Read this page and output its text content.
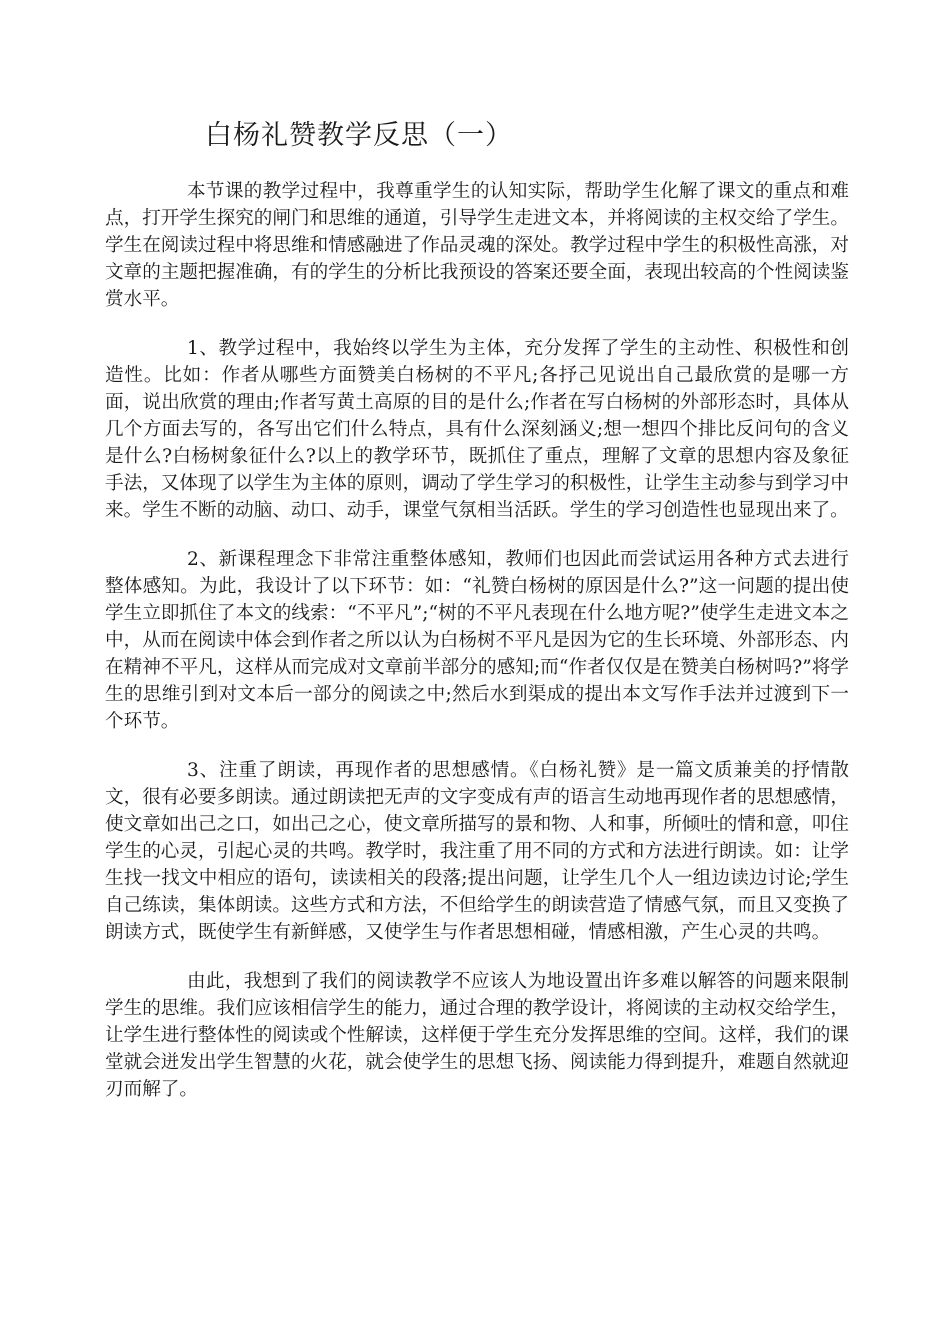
白杨礼赞教学反思（一）

本节课的教学过程中，我尊重学生的认知实际，帮助学生化解了课文的重点和难点，打开学生探究的闸门和思维的通道，引导学生走进文本，并将阅读的主权交给了学生。学生在阅读过程中将思维和情感融进了作品灵魂的深处。教学过程中学生的积极性高涨，对文章的主题把握准确，有的学生的分析比我预设的答案还要全面，表现出较高的个性阅读鉴赏水平。

1、教学过程中，我始终以学生为主体，充分发挥了学生的主动性、积极性和创造性。比如：作者从哪些方面赞美白杨树的不平凡;各抒己见说出自己最欣赏的是哪一方面，说出欣赏的理由;作者写黄土高原的目的是什么;作者在写白杨树的外部形态时，具体从几个方面去写的，各写出它们什么特点，具有什么深刻涵义;想一想四个排比反问句的含义是什么?白杨树象征什么?以上的教学环节，既抓住了重点，理解了文章的思想内容及象征手法，又体现了以学生为主体的原则，调动了学生学习的积极性，让学生主动参与到学习中来。学生不断的动脑、动口、动手，课堂气氛相当活跃。学生的学习创造性也显现出来了。

2、新课程理念下非常注重整体感知，教师们也因此而尝试运用各种方式去进行整体感知。为此，我设计了以下环节：如：“礼赞白杨树的原因是什么?”这一问题的提出使学生立即抓住了本文的线索：“不平凡”;“树的不平凡表现在什么地方呢?”使学生走进文本之中，从而在阅读中体会到作者之所以认为白杨树不平凡是因为它的生长环境、外部形态、内在精神不平凡，这样从而完成对文章前半部分的感知;而“作者仅仅是在赞美白杨树吗?”将学生的思维引到对文本后一部分的阅读之中;然后水到渠成的提出本文写作手法并过渡到下一个环节。

3、注重了朗读，再现作者的思想感情。《白杨礼赞》是一篇文质兼美的抒情散文，很有必要多朗读。通过朗读把无声的文字变成有声的语言生动地再现作者的思想感情，使文章如出己之口，如出己之心，使文章所描写的景和物、人和事，所倾吐的情和意，叩住学生的心灵，引起心灵的共鸣。教学时，我注重了用不同的方式和方法进行朗读。如：让学生找一找文中相应的语句，读读相关的段落;提出问题，让学生几个人一组边读边讨论;学生自己练读，集体朗读。这些方式和方法，不但给学生的朗读营造了情感气氛，而且又变换了朗读方式，既使学生有新鲜感，又使学生与作者思想相碰，情感相激，产生心灵的共鸣。

由此，我想到了我们的阅读教学不应该人为地设置出许多难以解答的问题来限制学生的思维。我们应该相信学生的能力，通过合理的教学设计，将阅读的主动权交给学生，让学生进行整体性的阅读或个性解读，这样便于学生充分发挥思维的空间。这样，我们的课堂就会迸发出学生智慧的火花，就会使学生的思想飞扬、阅读能力得到提升，难题自然就迎刃而解了。
